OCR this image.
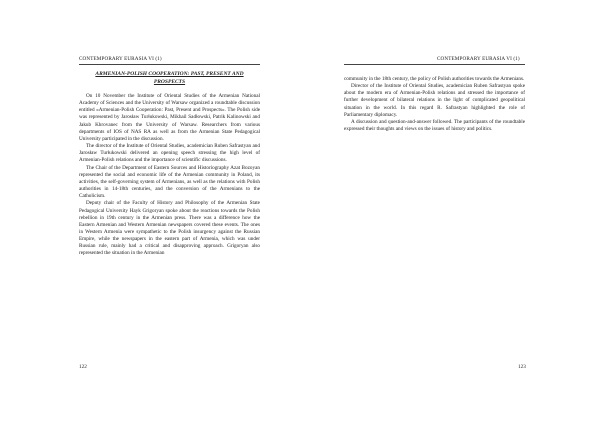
CONTEMPORARY EURASIA VI (1)
ARMENIAN-POLISH COOPERATION: PAST, PRESENT AND
PROSPECTS

On 10 November the Institute of Oriental Studies of the Armenian National Academy of Sciences and the University of Warsaw organized a roundtable discussion entitled «Armenian-Polish Cooperation: Past, Present and Prospects». The Polish side was represented by Jarosław Turłukowski, Mikhail Sadłowski, Patrik Kalinowski and Jakub Khrovanec from the University of Warsaw. Researchers from various departments of IOS of NAS RA as well as from the Armenian State Pedagogical University participated in the discussion.

The director of the Institute of Oriental Studies, academician Ruben Safrastyan and Jarosław Turłukowski delivered an opening speech stressing the high level of Armenian-Polish relations and the importance of scientific discussions.

The Chair of the Department of Eastern Sources and Historiography Azat Bozoyan represented the social and economic life of the Armenian community in Poland, its activities, the self-governing system of Armenians, as well as the relations with Polish authorities in 14-18th centuries, and the conversion of the Armenians to the Catholicism.

Deputy chair of the Faculty of History and Philosophy of the Armenian State Pedagogical University Hayk Grigoryan spoke about the reactions towards the Polish rebellion in 19th century in the Armenian press. There was a difference how the Eastern Armenian and Western Armenian newspapers covered these events. The ones in Western Armenia were sympathetic to the Polish insurgency against the Russian Empire, while the newspapers in the eastern part of Armenia, which was under Russian rule, mainly had a critical and disapproving approach. Grigoryan also represented the situation in the Armenian

122
CONTEMPORARY EURASIA VI (1)

community in the 18th century, the policy of Polish authorities towards the Armenians.

Director of the Institute of Oriental Studies, academician Ruben Safrastyan spoke about the modern era of Armenian-Polish relations and stressed the importance of further development of bilateral relations in the light of complicated geopolitical situation in the world. In this regard R. Safrastyan highlighted the role of Parliamentary diplomacy.

A discussion and question-and-answer followed. The participants of the roundtable expressed their thoughts and views on the issues of history and politics.

123
